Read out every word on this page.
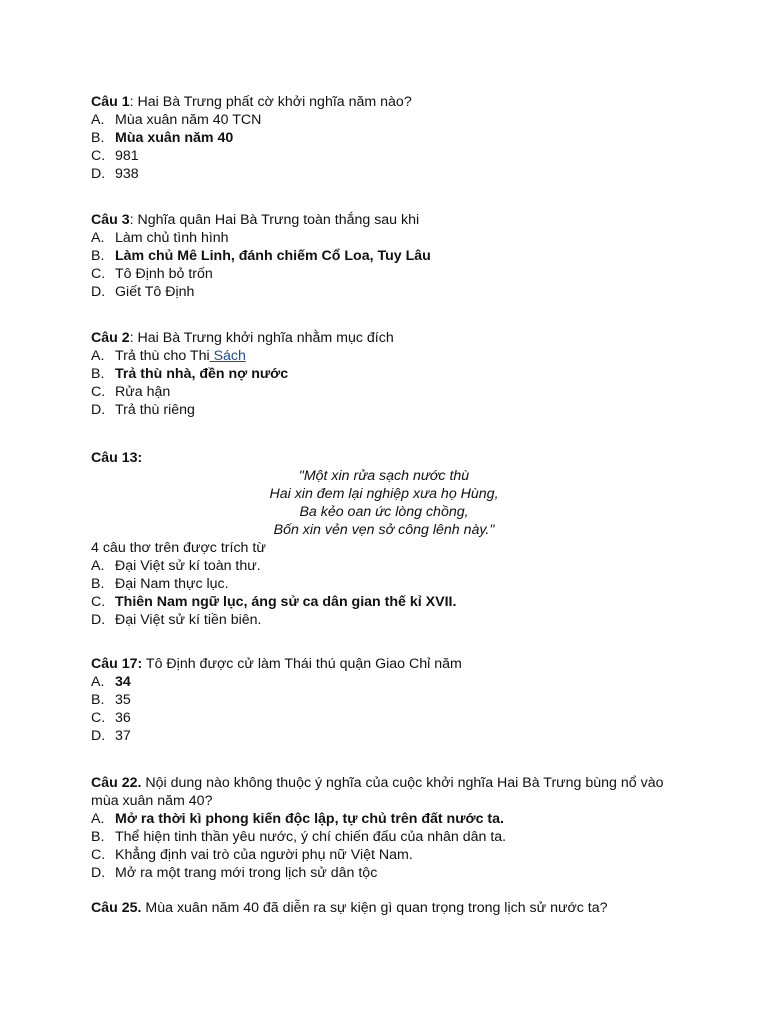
Câu 1: Hai Bà Trưng phất cờ khởi nghĩa năm nào?

A. Mùa xuân năm 40 TCN
B. Mùa xuân năm 40
C. 981
D. 938

Câu 3: Nghĩa quân Hai Bà Trưng toàn thắng sau khi

A. Làm chủ tình hình
B. Làm chủ Mê Linh, đánh chiếm Cổ Loa, Tuy Lâu
C. Tô Định bỏ trốn
D. Giết Tô Định

Câu 2: Hai Bà Trưng khởi nghĩa nhằm mục đích

A. Trả thù cho Thi Sách
B. Trả thù nhà, đền nợ nước
C. Rửa hận
D. Trả thù riêng

Câu 13:

"Một xin rửa sạch nước thù
Hai xin đem lại nghiệp xưa họ Hùng,
Ba kẻo oan ức lòng chồng,
Bốn xin vẻn vẹn sở công lênh này."

4 câu thơ trên được trích từ

A. Đại Việt sử kí toàn thư.
B. Đại Nam thực lục.
C. Thiên Nam ngữ lục, áng sử ca dân gian thế kỉ XVII.
D. Đại Việt sử kí tiền biên.

Câu 17: Tô Định được cử làm Thái thú quận Giao Chỉ năm

A. 34
B. 35
C. 36
D. 37

Câu 22. Nội dung nào không thuộc ý nghĩa của cuộc khởi nghĩa Hai Bà Trưng bùng nổ vào mùa xuân năm 40?

A. Mở ra thời kì phong kiến độc lập, tự chủ trên đất nước ta.
B. Thể hiện tinh thần yêu nước, ý chí chiến đấu của nhân dân ta.
C. Khẳng định vai trò của người phụ nữ Việt Nam.
D. Mở ra một trang mới trong lịch sử dân tộc

Câu 25. Mùa xuân năm 40 đã diễn ra sự kiện gì quan trọng trong lịch sử nước ta?
